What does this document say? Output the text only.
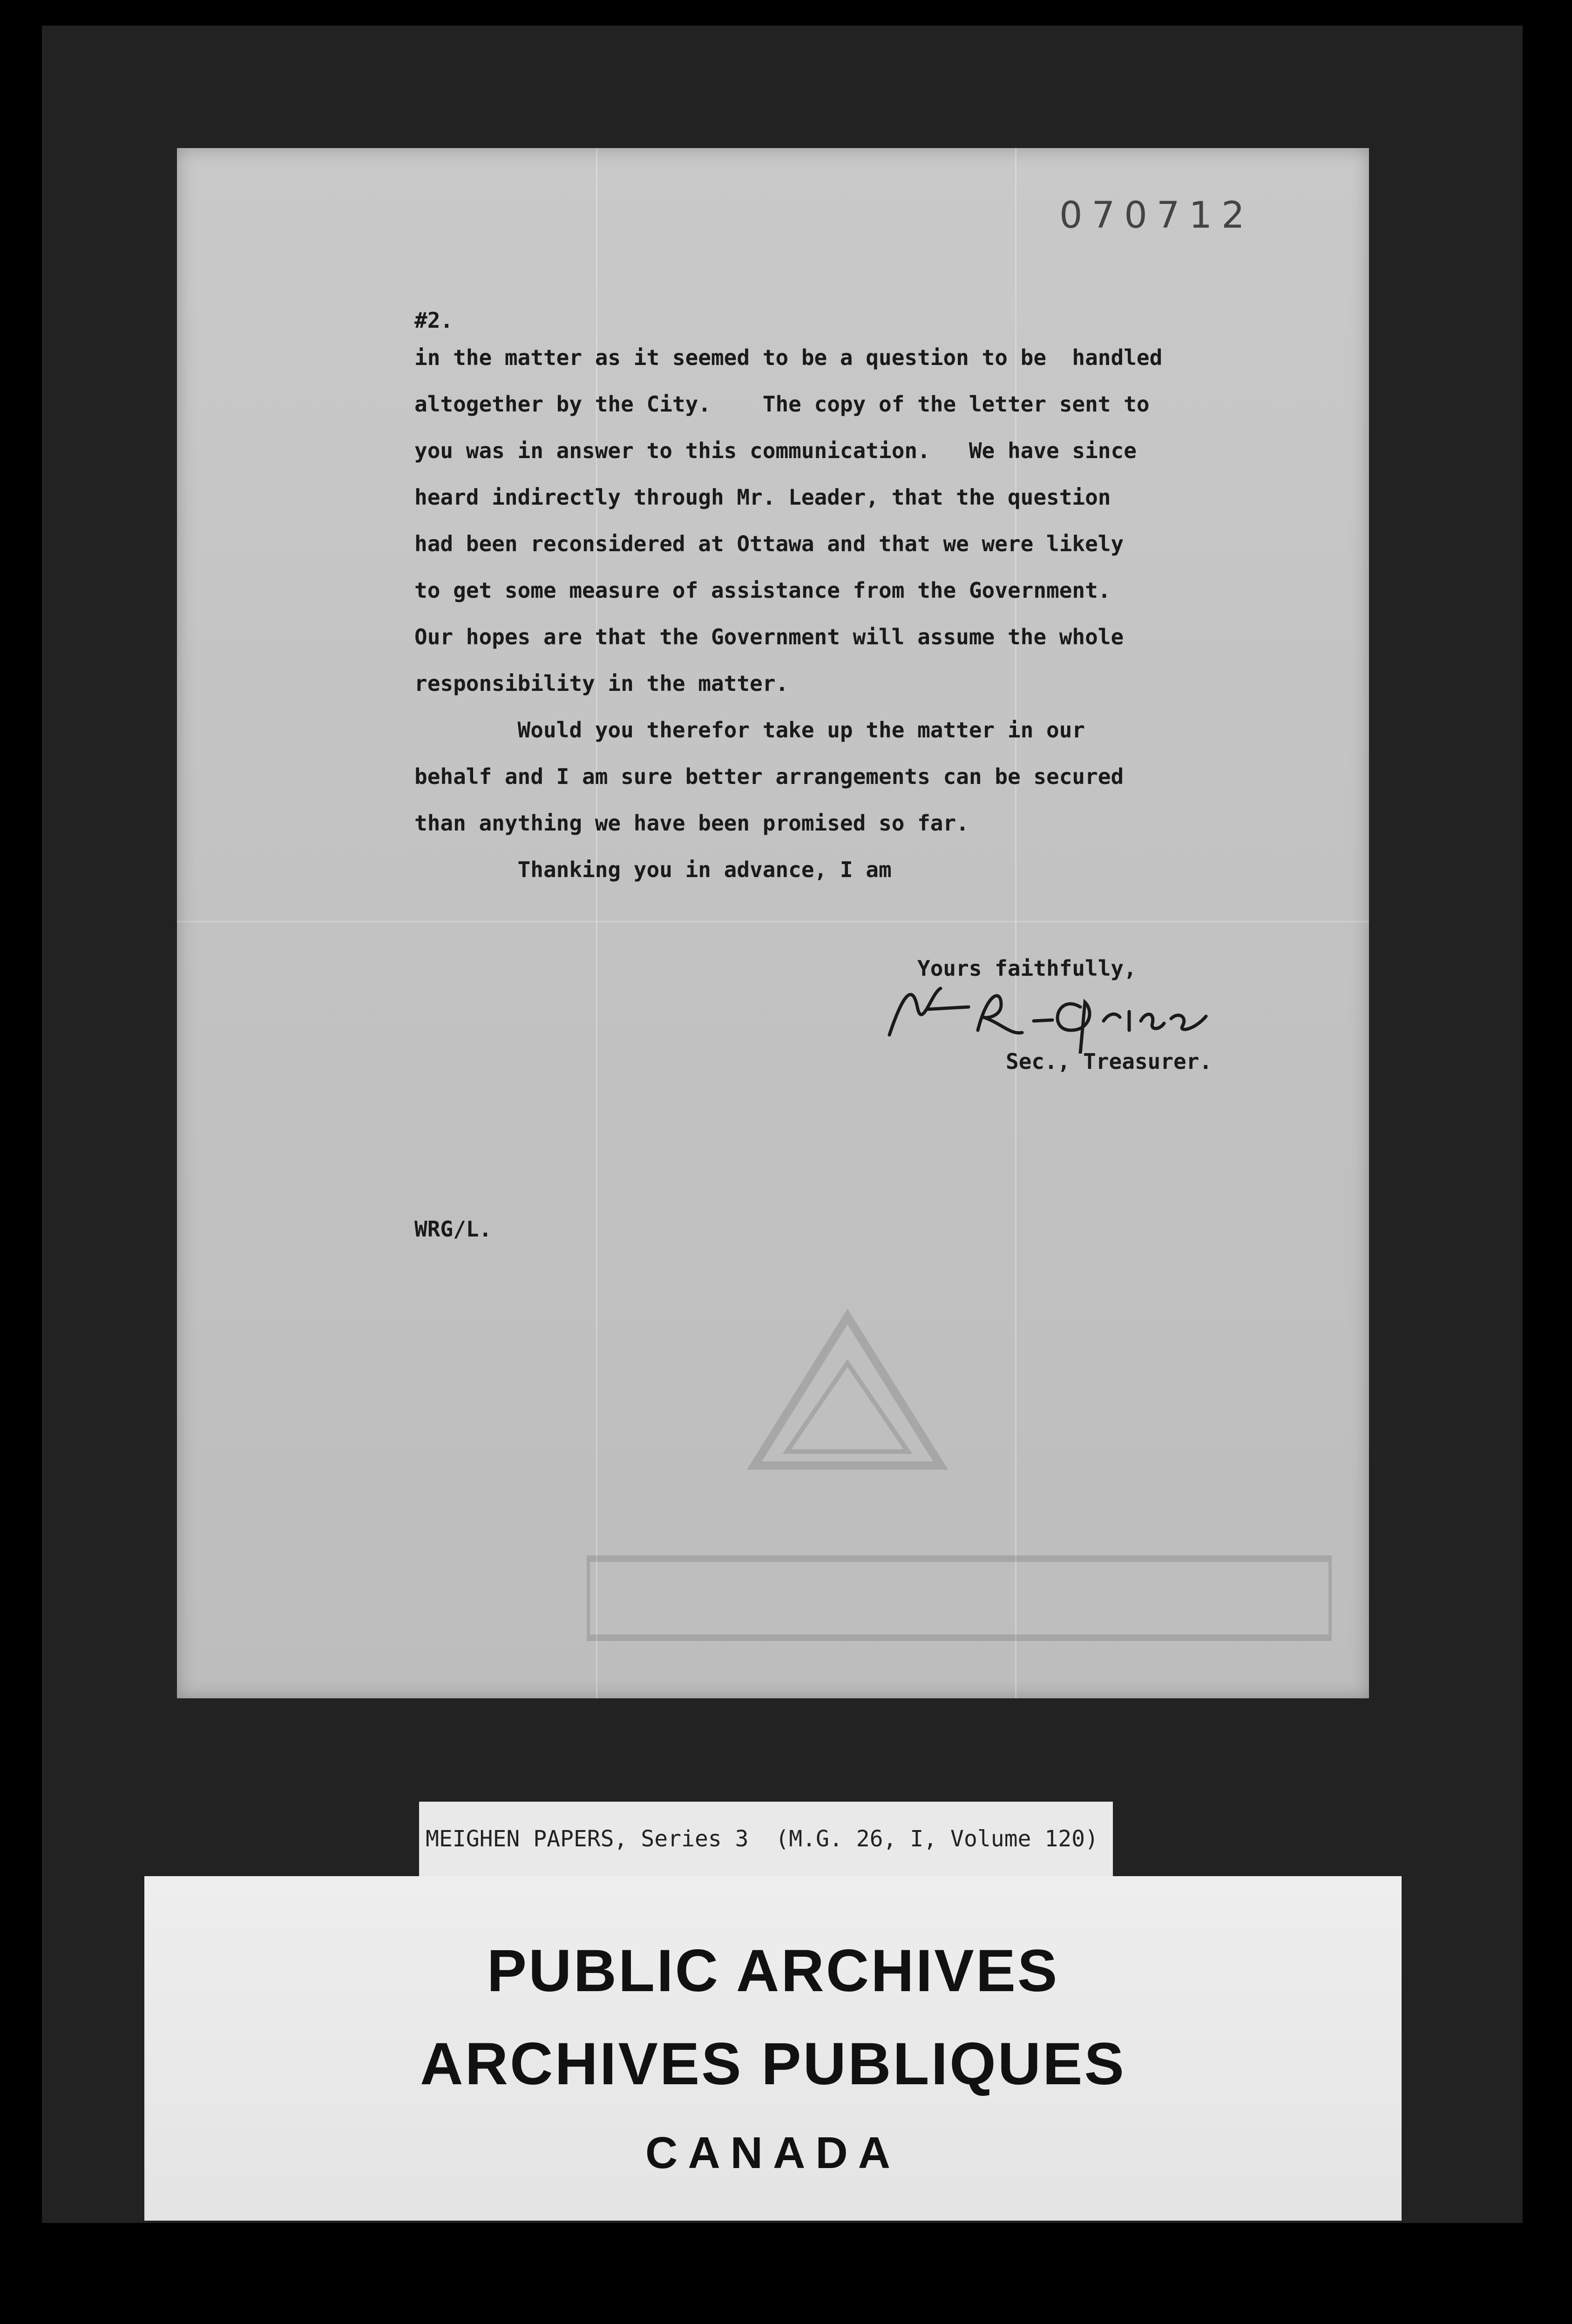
070712
#2.
in the matter as it seemed to be a question to be  handled
altogether by the City.    The copy of the letter sent to
you was in answer to this communication.   We have since
heard indirectly through Mr. Leader, that the question
had been reconsidered at Ottawa and that we were likely
to get some measure of assistance from the Government.
Our hopes are that the Government will assume the whole
responsibility in the matter.
Would you therefor take up the matter in our
behalf and I am sure better arrangements can be secured
than anything we have been promised so far.
Thanking you in advance, I am
Yours faithfully,
Sec., Treasurer.
WRG/L.
MEIGHEN PAPERS, Series 3  (M.G. 26, I, Volume 120)
PUBLIC ARCHIVES
ARCHIVES PUBLIQUES
CANADA
